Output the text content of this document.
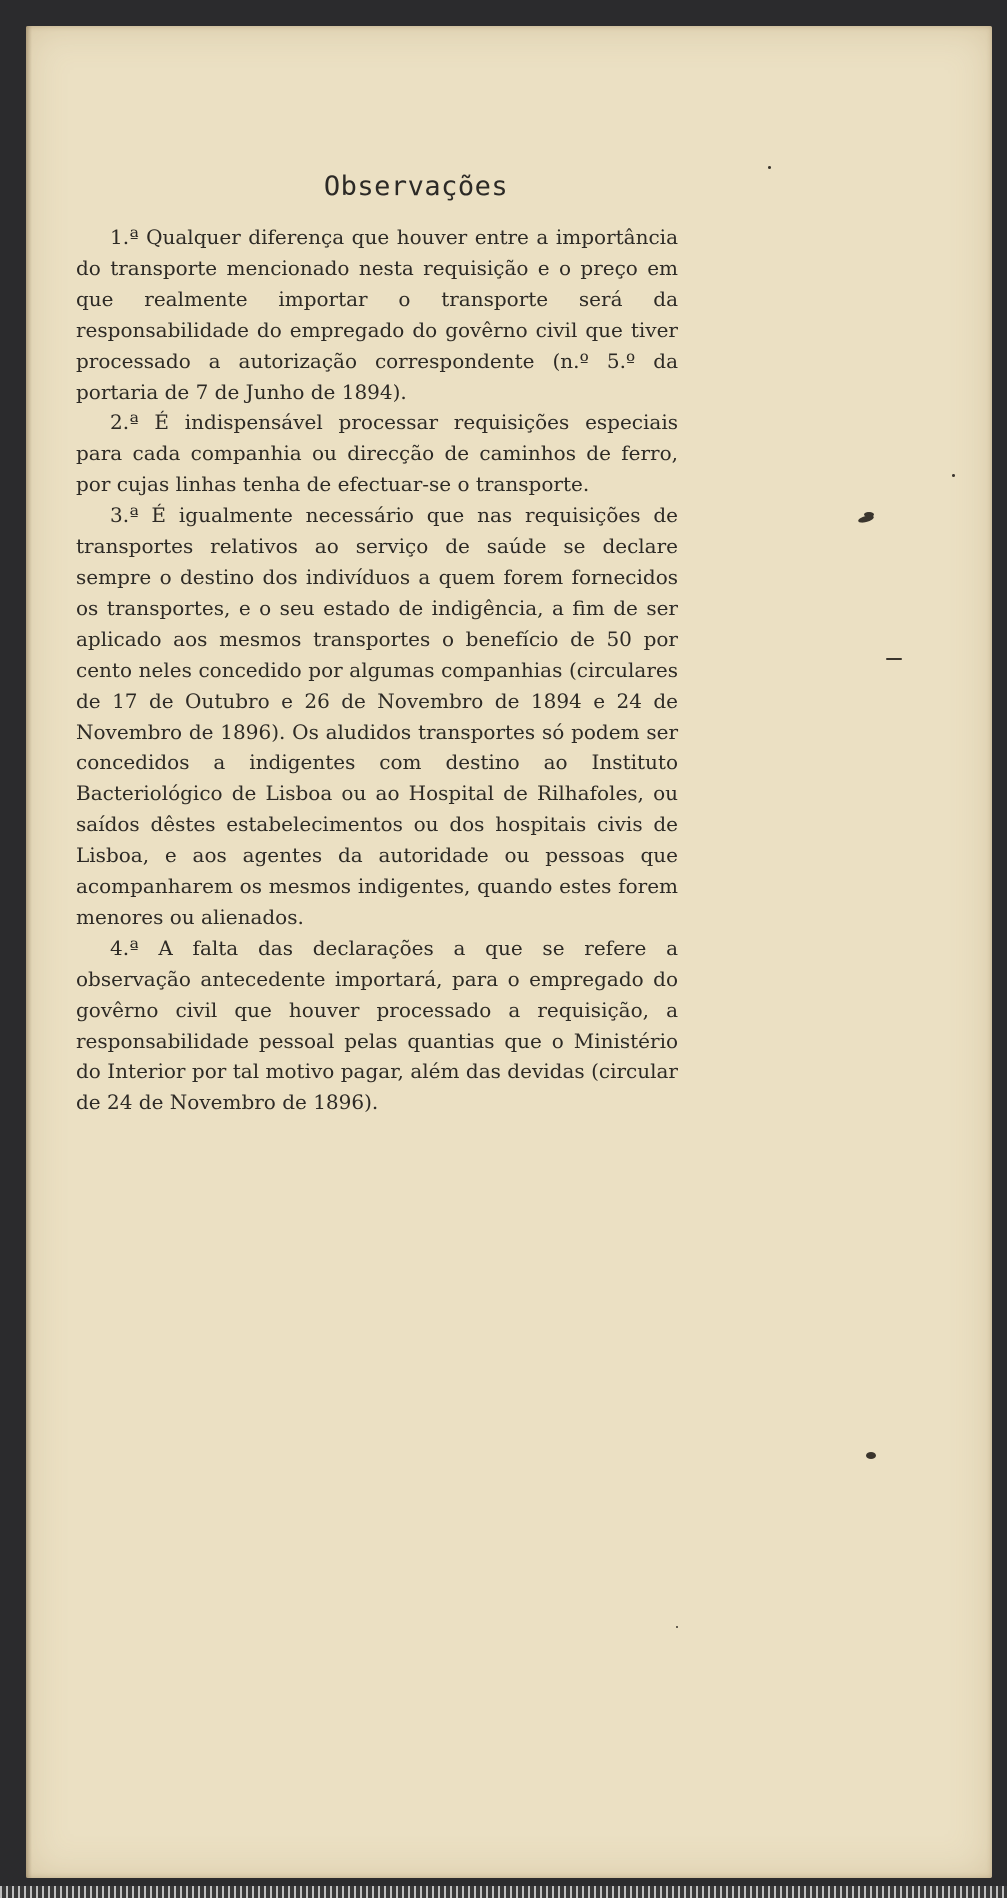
Observações

1.ª Qualquer diferença que houver entre a importância do transporte mencionado nesta requisição e o preço em que realmente importar o transporte será da responsabilidade do empregado do govêrno civil que tiver processado a autorização correspondente (n.º 5.º da portaria de 7 de Junho de 1894).

2.ª É indispensável processar requisições especiais para cada companhia ou direcção de caminhos de ferro, por cujas linhas tenha de efectuar-se o transporte.

3.ª É igualmente necessário que nas requisições de transportes relativos ao serviço de saúde se declare sempre o destino dos indivíduos a quem forem fornecidos os transportes, e o seu estado de indigência, a fim de ser aplicado aos mesmos transportes o benefício de 50 por cento neles concedido por algumas companhias (circulares de 17 de Outubro e 26 de Novembro de 1894 e 24 de Novembro de 1896). Os aludidos transportes só podem ser concedidos a indigentes com destino ao Instituto Bacteriológico de Lisboa ou ao Hospital de Rilhafoles, ou saídos dêstes estabelecimentos ou dos hospitais civis de Lisboa, e aos agentes da autoridade ou pessoas que acompanharem os mesmos indigentes, quando estes forem menores ou alienados.

4.ª A falta das declarações a que se refere a observação antecedente importará, para o empregado do govêrno civil que houver processado a requisição, a responsabilidade pessoal pelas quantias que o Ministério do Interior por tal motivo pagar, além das devidas (circular de 24 de Novembro de 1896).
